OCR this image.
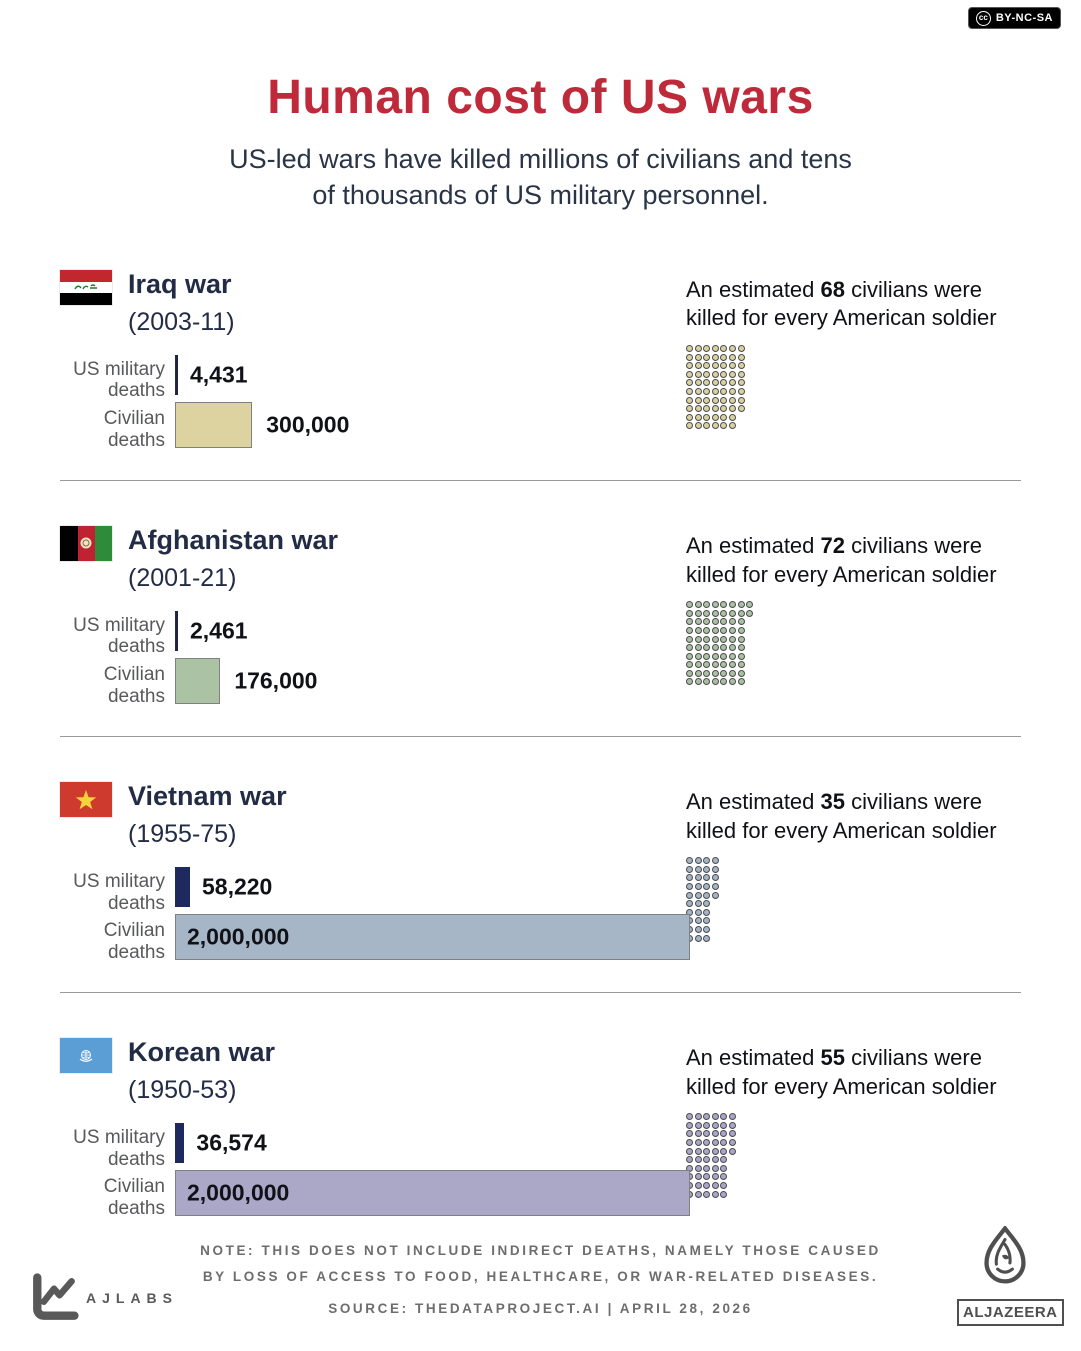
cc BY-NC-SA
Human cost of US wars
US-led wars have killed millions of civilians and tens
of thousands of US military personnel.
Iraq war
(2003-11)
US military
deaths
4,431
Civilian
deaths
300,000
An estimated 68 civilians were killed for every American soldier
Afghanistan war
(2001-21)
US military
deaths
2,461
Civilian
deaths
176,000
An estimated 72 civilians were killed for every American soldier
Vietnam war
(1955-75)
US military
deaths
58,220
Civilian
deaths
2,000,000
An estimated 35 civilians were killed for every American soldier
Korean war
(1950-53)
US military
deaths
36,574
Civilian
deaths
2,000,000
An estimated 55 civilians were killed for every American soldier
NOTE: THIS DOES NOT INCLUDE INDIRECT DEATHS, NAMELY THOSE CAUSED
BY LOSS OF ACCESS TO FOOD, HEALTHCARE, OR WAR-RELATED DISEASES.
SOURCE: THEDATAPROJECT.AI | APRIL 28, 2026
AJLABS
ALJAZEERA
